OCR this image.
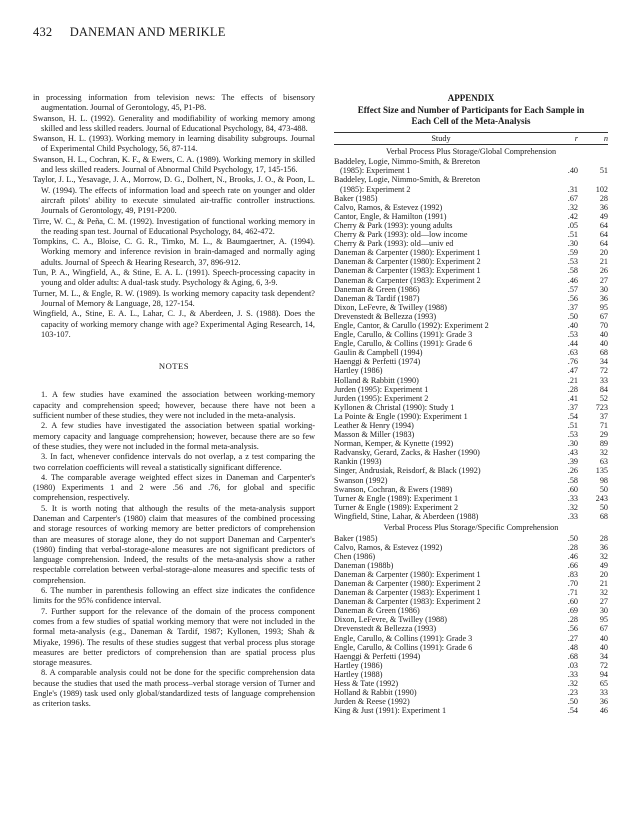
432 DANEMAN AND MERIKLE
in processing information from television news: The effects of bisensory augmentation. Journal of Gerontology, 45, P1-P8.
Swanson, H. L. (1992). Generality and modifiability of working memory among skilled and less skilled readers. Journal of Educational Psychology, 84, 473-488.
Swanson, H. L. (1993). Working memory in learning disability subgroups. Journal of Experimental Child Psychology, 56, 87-114.
Swanson, H. L., Cochran, K. F., & Ewers, C. A. (1989). Working memory in skilled and less skilled readers. Journal of Abnormal Child Psychology, 17, 145-156.
Taylor, J. L., Yesavage, J. A., Morrow, D. G., Dolhert, N., Brooks, J. O., & Poon, L. W. (1994). The effects of information load and speech rate on younger and older aircraft pilots' ability to execute simulated air-traffic controller instructions. Journals of Gerontology, 49, P191-P200.
Tirre, W. C., & Peña, C. M. (1992). Investigation of functional working memory in the reading span test. Journal of Educational Psychology, 84, 462-472.
Tompkins, C. A., Bloise, C. G. R., Timko, M. L., & Baumgaertner, A. (1994). Working memory and inference revision in brain-damaged and normally aging adults. Journal of Speech & Hearing Research, 37, 896-912.
Tun, P. A., Wingfield, A., & Stine, E. A. L. (1991). Speech-processing capacity in young and older adults: A dual-task study. Psychology & Aging, 6, 3-9.
Turner, M. L., & Engle, R. W. (1989). Is working memory capacity task dependent? Journal of Memory & Language, 28, 127-154.
Wingfield, A., Stine, E. A. L., Lahar, C. J., & Aberdeen, J. S. (1988). Does the capacity of working memory change with age? Experimental Aging Research, 14, 103-107.
NOTES
1. A few studies have examined the association between working-memory capacity and comprehension speed; however, because there have not been a sufficient number of these studies, they were not included in the meta-analysis.
2. A few studies have investigated the association between spatial working-memory capacity and language comprehension; however, because there are so few of these studies, they were not included in the formal meta-analysis.
3. In fact, whenever confidence intervals do not overlap, a z test comparing the two correlation coefficients will reveal a statistically significant difference.
4. The comparable average weighted effect sizes in Daneman and Carpenter's (1980) Experiments 1 and 2 were .56 and .76, for global and specific comprehension, respectively.
5. It is worth noting that although the results of the meta-analysis support Daneman and Carpenter's (1980) claim that measures of the combined processing and storage resources of working memory are better predictors of comprehension than are measures of storage alone, they do not support Daneman and Carpenter's (1980) finding that verbal-storage-alone measures are not significant predictors of language comprehension. Indeed, the results of the meta-analysis show a rather respectable correlation between verbal-storage-alone measures and specific tests of comprehension.
6. The number in parenthesis following an effect size indicates the confidence limits for the 95% confidence interval.
7. Further support for the relevance of the domain of the process component comes from a few studies of spatial working memory that were not included in the formal meta-analysis (e.g., Daneman & Tardif, 1987; Kyllonen, 1993; Shah & Miyake, 1996). The results of these studies suggest that verbal process plus storage measures are better predictors of comprehension than are spatial process plus storage measures.
8. A comparable analysis could not be done for the specific comprehension data because the studies that used the math process–verbal storage version of Turner and Engle's (1989) task used only global/standardized tests of language comprehension as criterion tasks.
APPENDIX
Effect Size and Number of Participants for Each Sample in Each Cell of the Meta-Analysis
Study	r	n
Verbal Process Plus Storage/Global Comprehension		
Baddeley, Logie, Nimmo-Smith, & Brereton		
(1985): Experiment 1	.40	51
Baddeley, Logie, Nimmo-Smith, & Brereton		
(1985): Experiment 2	.31	102
Baker (1985)	.67	28
Calvo, Ramos, & Estevez (1992)	.32	36
Cantor, Engle, & Hamilton (1991)	.42	49
Cherry & Park (1993): young adults	.05	64
Cherry & Park (1993): old—low income	.51	64
Cherry & Park (1993): old—univ ed	.30	64
Daneman & Carpenter (1980): Experiment 1	.59	20
Daneman & Carpenter (1980): Experiment 2	.53	21
Daneman & Carpenter (1983): Experiment 1	.58	26
Daneman & Carpenter (1983): Experiment 2	.46	27
Daneman & Green (1986)	.57	30
Daneman & Tardif (1987)	.56	36
Dixon, LeFevre, & Twilley (1988)	.37	95
Drevenstedt & Bellezza (1993)	.50	67
Engle, Cantor, & Carullo (1992): Experiment 2	.40	70
Engle, Carullo, & Collins (1991): Grade 3	.53	40
Engle, Carullo, & Collins (1991): Grade 6	.44	40
Gaulin & Campbell (1994)	.63	68
Haenggi & Perfetti (1974)	.76	34
Hartley (1986)	.47	72
Holland & Rabbitt (1990)	.21	33
Jurden (1995): Experiment 1	.28	84
Jurden (1995): Experiment 2	.41	52
Kyllonen & Christal (1990): Study 1	.37	723
La Pointe & Engle (1990): Experiment 1	.54	37
Leather & Henry (1994)	.51	71
Masson & Miller (1983)	.53	29
Norman, Kemper, & Kynette (1992)	.30	89
Radvansky, Gerard, Zacks, & Hasher (1990)	.43	32
Rankin (1993)	.39	63
Singer, Andrusiak, Reisdorf, & Black (1992)	.26	135
Swanson (1992)	.58	98
Swanson, Cochran, & Ewers (1989)	.60	50
Turner & Engle (1989): Experiment 1	.33	243
Turner & Engle (1989): Experiment 2	.32	50
Wingfield, Stine, Lahar, & Aberdeen (1988)	.33	68
Verbal Process Plus Storage/Specific Comprehension		
Baker (1985)	.50	28
Calvo, Ramos, & Estevez (1992)	.28	36
Chen (1986)	.46	32
Daneman (1988b)	.66	49
Daneman & Carpenter (1980): Experiment 1	.83	20
Daneman & Carpenter (1980): Experiment 2	.70	21
Daneman & Carpenter (1983): Experiment 1	.71	32
Daneman & Carpenter (1983): Experiment 2	.60	27
Daneman & Green (1986)	.69	30
Dixon, LeFevre, & Twilley (1988)	.28	95
Drevenstedt & Bellezza (1993)	.56	67
Engle, Carullo, & Collins (1991): Grade 3	.27	40
Engle, Carullo, & Collins (1991): Grade 6	.48	40
Haenggi & Perfetti (1994)	.68	34
Hartley (1986)	.03	72
Hartley (1988)	.33	94
Hess & Tate (1992)	.32	65
Holland & Rabbit (1990)	.23	33
Jurden & Reese (1992)	.50	36
King & Just (1991): Experiment 1	.54	46
